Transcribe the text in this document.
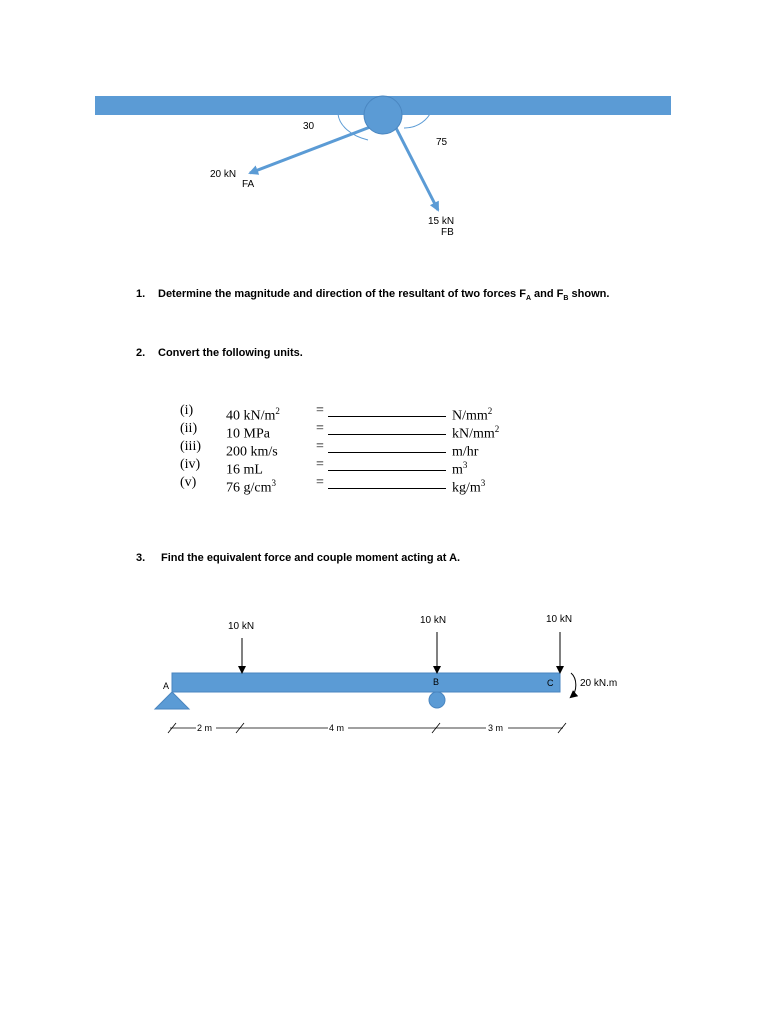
30
75
20 kN
FA
15 kN
FB
1. Determine the magnitude and direction of the resultant of two forces $F_A$ and $F_B$ shown.
2. Convert the following units.
(i) 40 $kN/m^2$	=	$N/mm^2$
(ii) 10 MPa	=	$kN/mm^2$
(iii) 200 km/s	=	m/hr
(iv) 16 mL	=	$m^3$
(v) 76 $g/cm^3$	=	$kg/m^3$
3. Find the equivalent force and couple moment acting at A.
10 kN
10 kN	10 kN
A	B	C	20 kN.m
2 m	4 m	3 m
